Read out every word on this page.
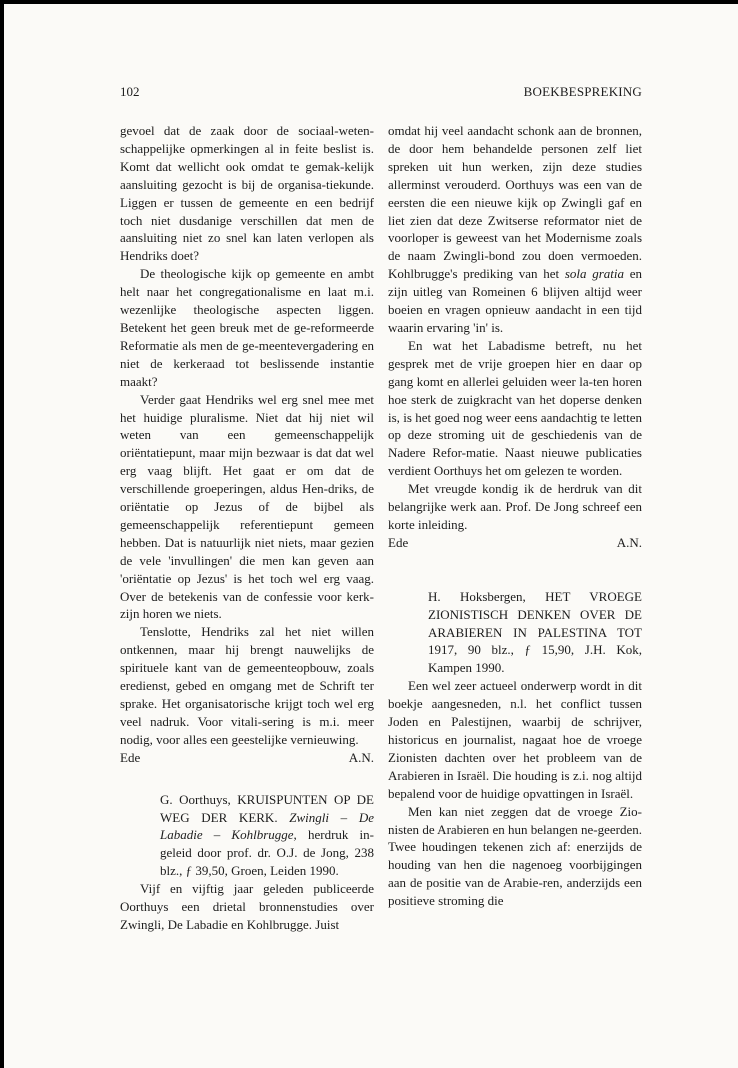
102	BOEKBESPREKING

gevoel dat de zaak door de sociaal-weten-schappelijke opmerkingen al in feite beslist is. Komt dat wellicht ook omdat te gemak-kelijk aansluiting gezocht is bij de organisa-tiekunde. Liggen er tussen de gemeente en een bedrijf toch niet dusdanige verschillen dat men de aansluiting niet zo snel kan laten verlopen als Hendriks doet?

De theologische kijk op gemeente en ambt helt naar het congregationalisme en laat m.i. wezenlijke theologische aspecten liggen. Betekent het geen breuk met de ge-reformeerde Reformatie als men de ge-meentevergadering en niet de kerkeraad tot beslissende instantie maakt?

Verder gaat Hendriks wel erg snel mee met het huidige pluralisme. Niet dat hij niet wil weten van een gemeenschappelijk oriëntatiepunt, maar mijn bezwaar is dat dat wel erg vaag blijft. Het gaat er om dat de verschillende groeperingen, aldus Hen-driks, de oriëntatie op Jezus of de bijbel als gemeenschappelijk referentiepunt gemeen hebben. Dat is natuurlijk niet niets, maar gezien de vele 'invullingen' die men kan geven aan 'oriëntatie op Jezus' is het toch wel erg vaag. Over de betekenis van de confessie voor kerk-zijn horen we niets.

Tenslotte, Hendriks zal het niet willen ontkennen, maar hij brengt nauwelijks de spirituele kant van de gemeenteopbouw, zoals eredienst, gebed en omgang met de Schrift ter sprake. Het organisatorische krijgt toch wel erg veel nadruk. Voor vitali-sering is m.i. meer nodig, voor alles een geestelijke vernieuwing.

Ede	A.N.

G. Oorthuys, KRUISPUNTEN OP DE WEG DER KERK. Zwingli – De Labadie – Kohlbrugge, herdruk in-geleid door prof. dr. O.J. de Jong, 238 blz., ƒ 39,50, Groen, Leiden 1990.

Vijf en vijftig jaar geleden publiceerde Oorthuys een drietal bronnenstudies over Zwingli, De Labadie en Kohlbrugge. Juist

omdat hij veel aandacht schonk aan de bronnen, de door hem behandelde personen zelf liet spreken uit hun werken, zijn deze studies allerminst verouderd. Oorthuys was een van de eersten die een nieuwe kijk op Zwingli gaf en liet zien dat deze Zwitserse reformator niet de voorloper is geweest van het Modernisme zoals de naam Zwingli-bond zou doen vermoeden. Kohlbrugge's prediking van het sola gratia en zijn uitleg van Romeinen 6 blijven altijd weer boeien en vragen opnieuw aandacht in een tijd waarin ervaring 'in' is.

En wat het Labadisme betreft, nu het gesprek met de vrije groepen hier en daar op gang komt en allerlei geluiden weer la-ten horen hoe sterk de zuigkracht van het doperse denken is, is het goed nog weer eens aandachtig te letten op deze stroming uit de geschiedenis van de Nadere Refor-matie. Naast nieuwe publicaties verdient Oorthuys het om gelezen te worden.

Met vreugde kondig ik de herdruk van dit belangrijke werk aan. Prof. De Jong schreef een korte inleiding.

Ede	A.N.

H. Hoksbergen, HET VROEGE ZIONISTISCH DENKEN OVER DE ARABIEREN IN PALESTINA TOT 1917, 90 blz., ƒ 15,90, J.H. Kok, Kampen 1990.

Een wel zeer actueel onderwerp wordt in dit boekje aangesneden, n.l. het conflict tussen Joden en Palestijnen, waarbij de schrijver, historicus en journalist, nagaat hoe de vroege Zionisten dachten over het probleem van de Arabieren in Israël. Die houding is z.i. nog altijd bepalend voor de huidige opvattingen in Israël.

Men kan niet zeggen dat de vroege Zio-nisten de Arabieren en hun belangen ne-geerden. Twee houdingen tekenen zich af: enerzijds de houding van hen die nagenoeg voorbijgingen aan de positie van de Arabie-ren, anderzijds een positieve stroming die
